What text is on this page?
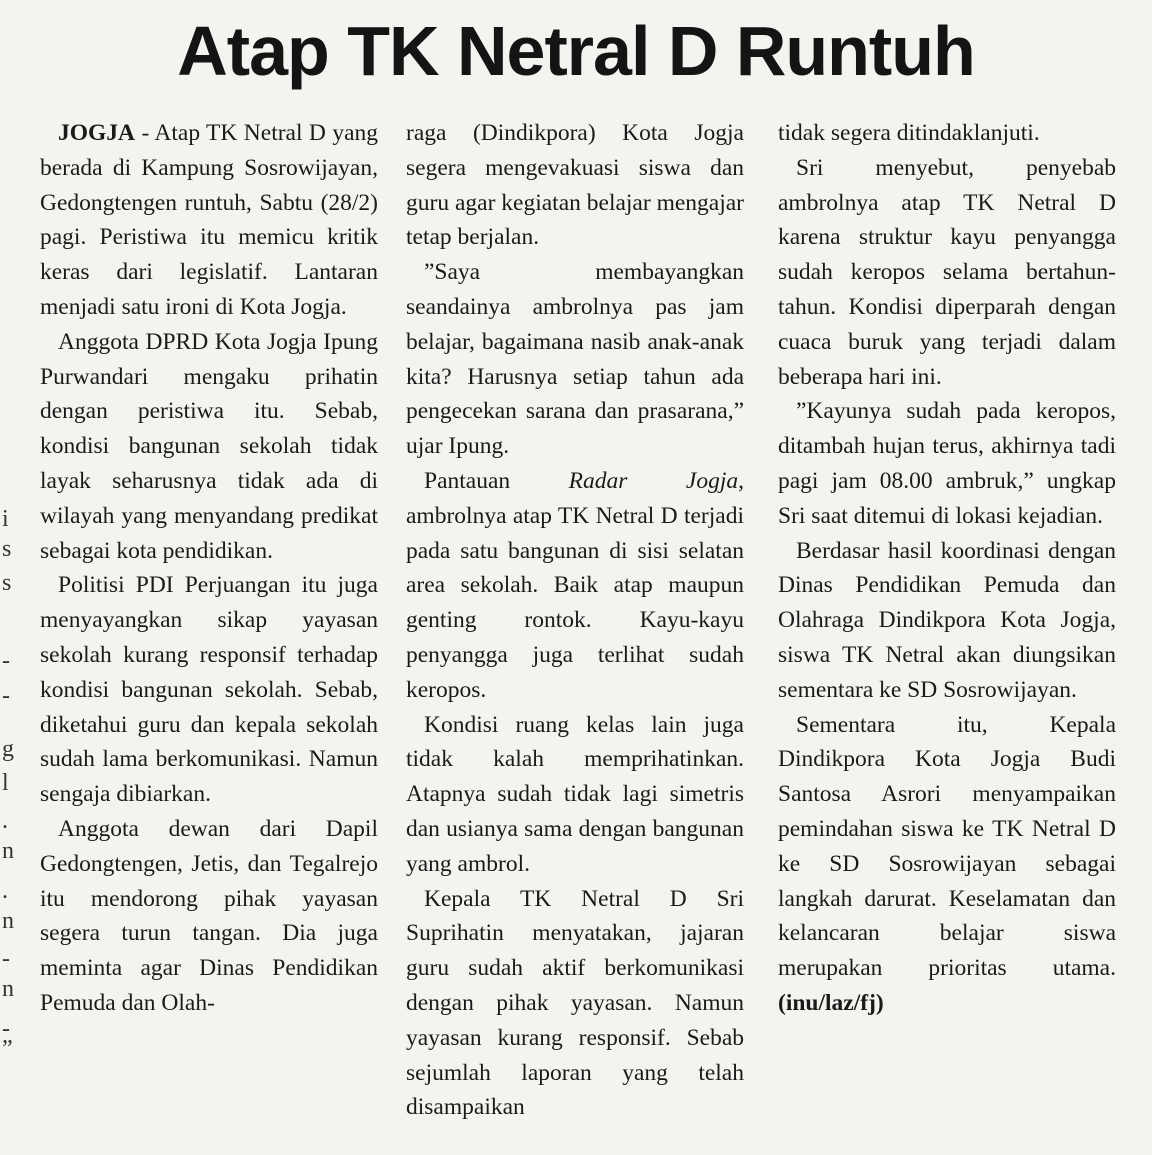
Atap TK Netral D Runtuh
i
s
s
-
-
g
l
.
n
.
n
-
n
-
”

JOGJA - Atap TK Netral D yang berada di Kampung Sosrowijayan, Gedongtengen runtuh, Sabtu (28/2) pagi. Peristiwa itu memicu kritik keras dari legislatif. Lantaran menjadi satu ironi di Kota Jogja.

Anggota DPRD Kota Jogja Ipung Purwandari mengaku prihatin dengan peristiwa itu. Sebab, kondisi bangunan sekolah tidak layak seharusnya tidak ada di wilayah yang menyandang predikat sebagai kota pendidikan.

Politisi PDI Perjuangan itu juga menyayangkan sikap yayasan sekolah kurang responsif terhadap kondisi bangunan sekolah. Sebab, diketahui guru dan kepala sekolah sudah lama berkomunikasi. Namun sengaja dibiarkan.

Anggota dewan dari Dapil Gedongtengen, Jetis, dan Tegalrejo itu mendorong pihak yayasan segera turun tangan. Dia juga meminta agar Dinas Pendidikan Pemuda dan Olah-

raga (Dindikpora) Kota Jogja segera mengevakuasi siswa dan guru agar kegiatan belajar mengajar tetap berjalan.

”Saya membayangkan seandainya ambrolnya pas jam belajar, bagaimana nasib anak-anak kita? Harusnya setiap tahun ada pengecekan sarana dan prasarana,” ujar Ipung.

Pantauan Radar Jogja, ambrolnya atap TK Netral D terjadi pada satu bangunan di sisi selatan area sekolah. Baik atap maupun genting rontok. Kayu-kayu penyangga juga terlihat sudah keropos.

Kondisi ruang kelas lain juga tidak kalah memprihatinkan. Atapnya sudah tidak lagi simetris dan usianya sama dengan bangunan yang ambrol.

Kepala TK Netral D Sri Suprihatin menyatakan, jajaran guru sudah aktif berkomunikasi dengan pihak yayasan. Namun yayasan kurang responsif. Sebab sejumlah laporan yang telah disampaikan

tidak segera ditindaklanjuti.

Sri menyebut, penyebab ambrolnya atap TK Netral D karena struktur kayu penyangga sudah keropos selama bertahun-tahun. Kondisi diperparah dengan cuaca buruk yang terjadi dalam beberapa hari ini.

”Kayunya sudah pada keropos, ditambah hujan terus, akhirnya tadi pagi jam 08.00 ambruk,” ungkap Sri saat ditemui di lokasi kejadian.

Berdasar hasil koordinasi dengan Dinas Pendidikan Pemuda dan Olahraga Dindikpora Kota Jogja, siswa TK Netral akan diungsikan sementara ke SD Sosrowijayan.

Sementara itu, Kepala Dindikpora Kota Jogja Budi Santosa Asrori menyampaikan pemindahan siswa ke TK Netral D ke SD Sosrowijayan sebagai langkah darurat. Keselamatan dan kelancaran belajar siswa merupakan prioritas utama. (inu/laz/fj)
